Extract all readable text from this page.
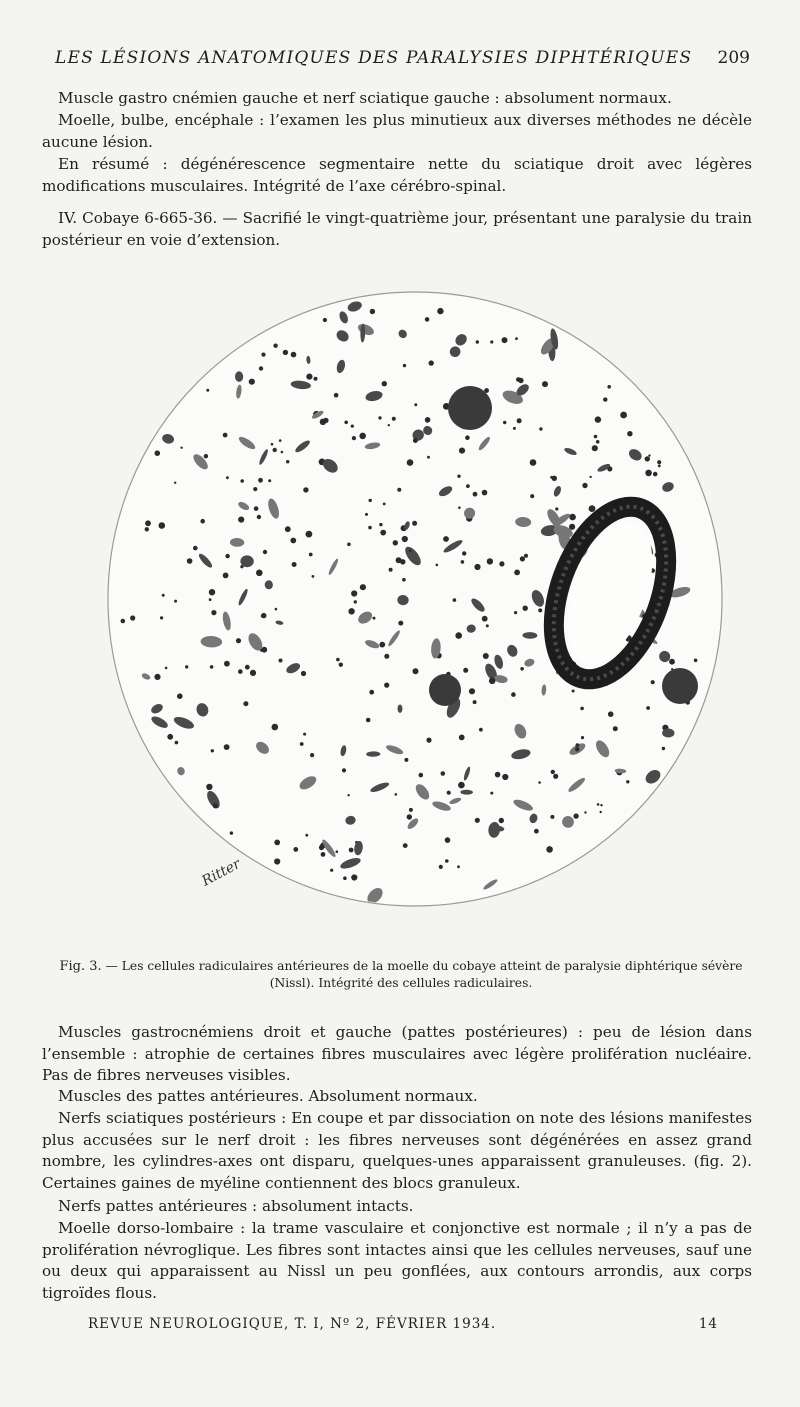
LES LÉSIONS ANATOMIQUES DES PARALYSIES DIPHTÉRIQUES 209

Muscle gastro cnémien gauche et nerf sciatique gauche : absolument normaux.

Moelle, bulbe, encéphale : l’examen les plus minutieux aux diverses méthodes ne décèle aucune lésion.

En résumé : dégénérescence segmentaire nette du sciatique droit avec légères modifications musculaires. Intégrité de l’axe cérébro-spinal.

IV. Cobaye 6-665-36. — Sacrifié le vingt-quatrième jour, présentant une paralysie du train postérieur en voie d’extension.

Ritter
Fig. 3. — Les cellules radiculaires antérieures de la moelle du cobaye atteint de paralysie diphtérique sévère (Nissl). Intégrité des cellules radiculaires.

Muscles gastrocnémiens droit et gauche (pattes postérieures) : peu de lésion dans l’ensemble : atrophie de certaines fibres musculaires avec légère prolifération nucléaire. Pas de fibres nerveuses visibles.

Muscles des pattes antérieures. Absolument normaux.

Nerfs sciatiques postérieurs : En coupe et par dissociation on note des lésions manifestes plus accusées sur le nerf droit : les fibres nerveuses sont dégénérées en assez grand nombre, les cylindres-axes ont disparu, quelques-unes apparaissent granuleuses. (fig. 2). Certaines gaines de myéline contiennent des blocs granuleux.

Nerfs pattes antérieures : absolument intacts.

Moelle dorso-lombaire : la trame vasculaire et conjonctive est normale ; il n’y a pas de prolifération névroglique. Les fibres sont intactes ainsi que les cellules nerveuses, sauf une ou deux qui apparaissent au Nissl un peu gonflées, aux contours arrondis, aux corps tigroïdes flous.

REVUE NEUROLOGIQUE, T. I, Nº 2, FÉVRIER 1934.	14
